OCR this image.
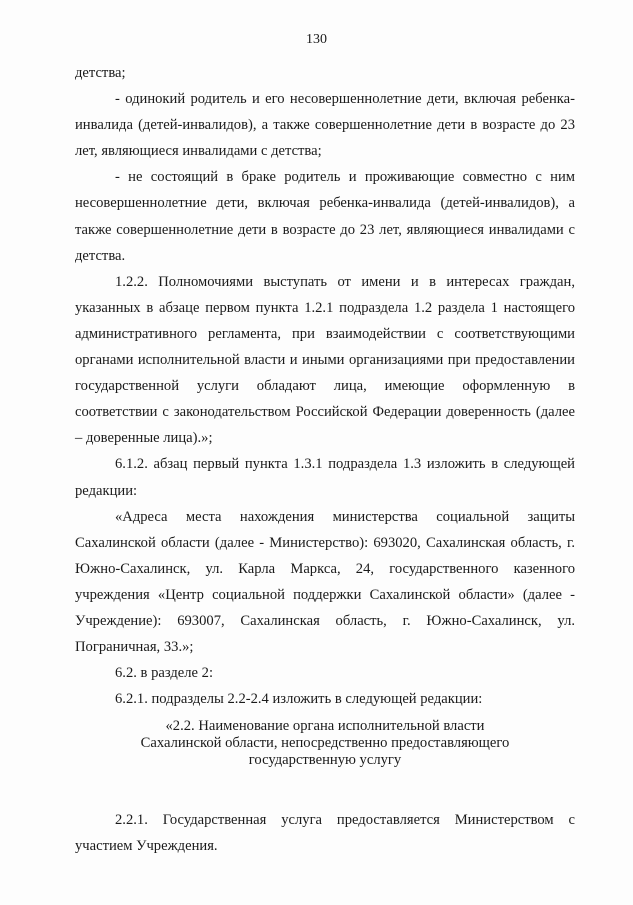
130

детства;

- одинокий родитель и его несовершеннолетние дети, включая ребенка-инвалида (детей-инвалидов), а также совершеннолетние дети в возрасте до 23 лет, являющиеся инвалидами с детства;

- не состоящий в браке родитель и проживающие совместно с ним несовершеннолетние дети, включая ребенка-инвалида (детей-инвалидов), а также совершеннолетние дети в возрасте до 23 лет, являющиеся инвалидами с детства.

1.2.2. Полномочиями выступать от имени и в интересах граждан, указанных в абзаце первом пункта 1.2.1 подраздела 1.2 раздела 1 настоящего административного регламента, при взаимодействии с соответствующими органами исполнительной власти и иными организациями при предоставлении государственной услуги обладают лица, имеющие оформленную в соответствии с законодательством Российской Федерации доверенность (далее – доверенные лица).»;

6.1.2. абзац первый пункта 1.3.1 подраздела 1.3 изложить в следующей редакции:

«Адреса места нахождения министерства социальной защиты Сахалинской области (далее - Министерство): 693020, Сахалинская область, г. Южно-Сахалинск, ул. Карла Маркса, 24, государственного казенного учреждения «Центр социальной поддержки Сахалинской области» (далее - Учреждение): 693007, Сахалинская область, г. Южно-Сахалинск, ул. Пограничная, 33.»;

6.2. в разделе 2:

6.2.1. подразделы 2.2-2.4 изложить в следующей редакции:

«2.2. Наименование органа исполнительной власти

Сахалинской области, непосредственно предоставляющего

государственную услугу

2.2.1. Государственная услуга предоставляется Министерством с участием Учреждения.
